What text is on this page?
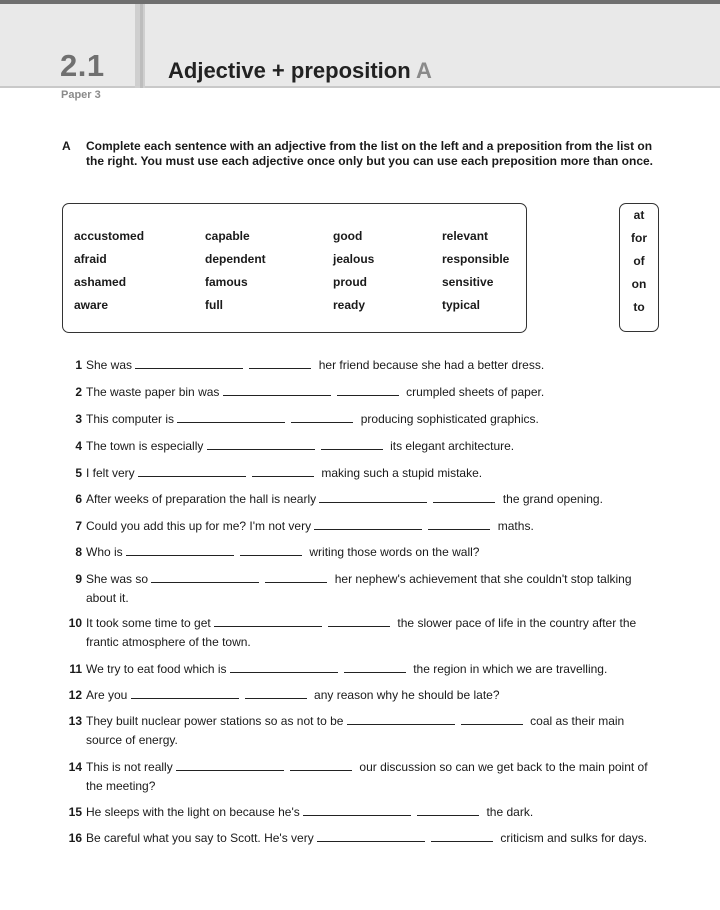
2.1
Paper 3
Adjective + preposition A
A Complete each sentence with an adjective from the list on the left and a preposition from the list on the right. You must use each adjective once only but you can use each preposition more than once.
accustomed
afraid
ashamed
aware
capable
dependent
famous
full
good
jealous
proud
ready
relevant
responsible
sensitive
typical
at
for
of
on
to
1 She was	her friend because she had a better dress.
2 The waste paper bin was	crumpled sheets of paper.
3 This computer is	producing sophisticated graphics.
4 The town is especially	its elegant architecture.
5 I felt very	making such a stupid mistake.
6 After weeks of preparation the hall is nearly	the grand opening.
7 Could you add this up for me? I'm not very	maths.
8 Who is	writing those words on the wall?
9 She was so	her nephew's achievement that she couldn't stop talking about it.
10 It took some time to get	the slower pace of life in the country after the frantic atmosphere of the town.
11 We try to eat food which is	the region in which we are travelling.
12 Are you	any reason why he should be late?
13 They built nuclear power stations so as not to be	coal as their main source of energy.
14 This is not really	our discussion so can we get back to the main point of the meeting?
15 He sleeps with the light on because he's	the dark.
16 Be careful what you say to Scott. He's very	criticism and sulks for days.
